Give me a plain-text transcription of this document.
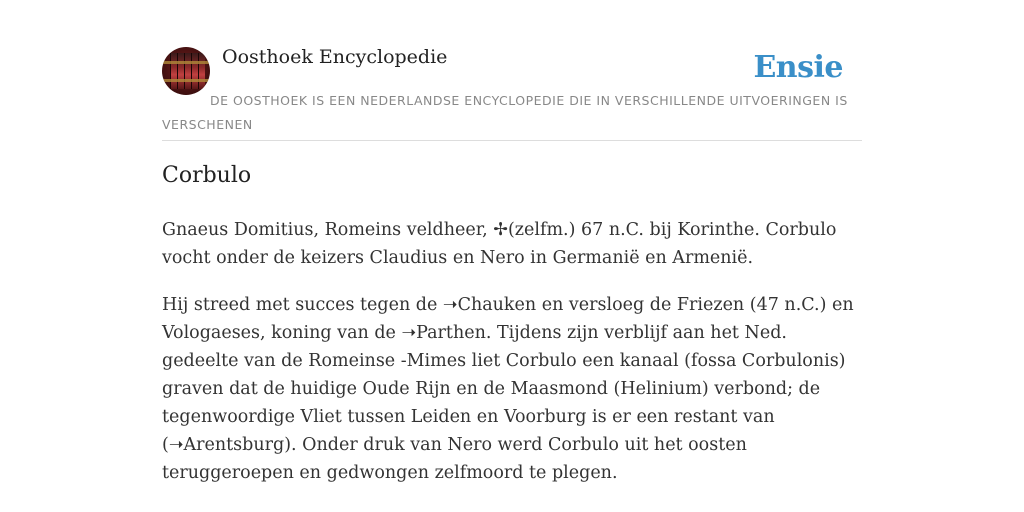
Oosthoek Encyclopedie	Ensie
DE OOSTHOEK IS EEN NEDERLANDSE ENCYCLOPEDIE DIE IN VERSCHILLENDE UITVOERINGEN IS VERSCHENEN
Corbulo

Gnaeus Domitius, Romeins veldheer, ✢(zelfm.) 67 n.C. bij Korinthe. Corbulo vocht onder de keizers Claudius en Nero in Germanië en Armenië.

Hij streed met succes tegen de ➝Chauken en versloeg de Friezen (47 n.C.) en Vologaeses, koning van de ➝Parthen. Tijdens zijn verblijf aan het Ned. gedeelte van de Romeinse -Mimes liet Corbulo een kanaal (fossa Corbulonis) graven dat de huidige Oude Rijn en de Maasmond (Helinium) verbond; de tegenwoordige Vliet tussen Leiden en Voorburg is er een restant van (➝Arentsburg). Onder druk van Nero werd Corbulo uit het oosten teruggeroepen en gedwongen zelfmoord te plegen.
